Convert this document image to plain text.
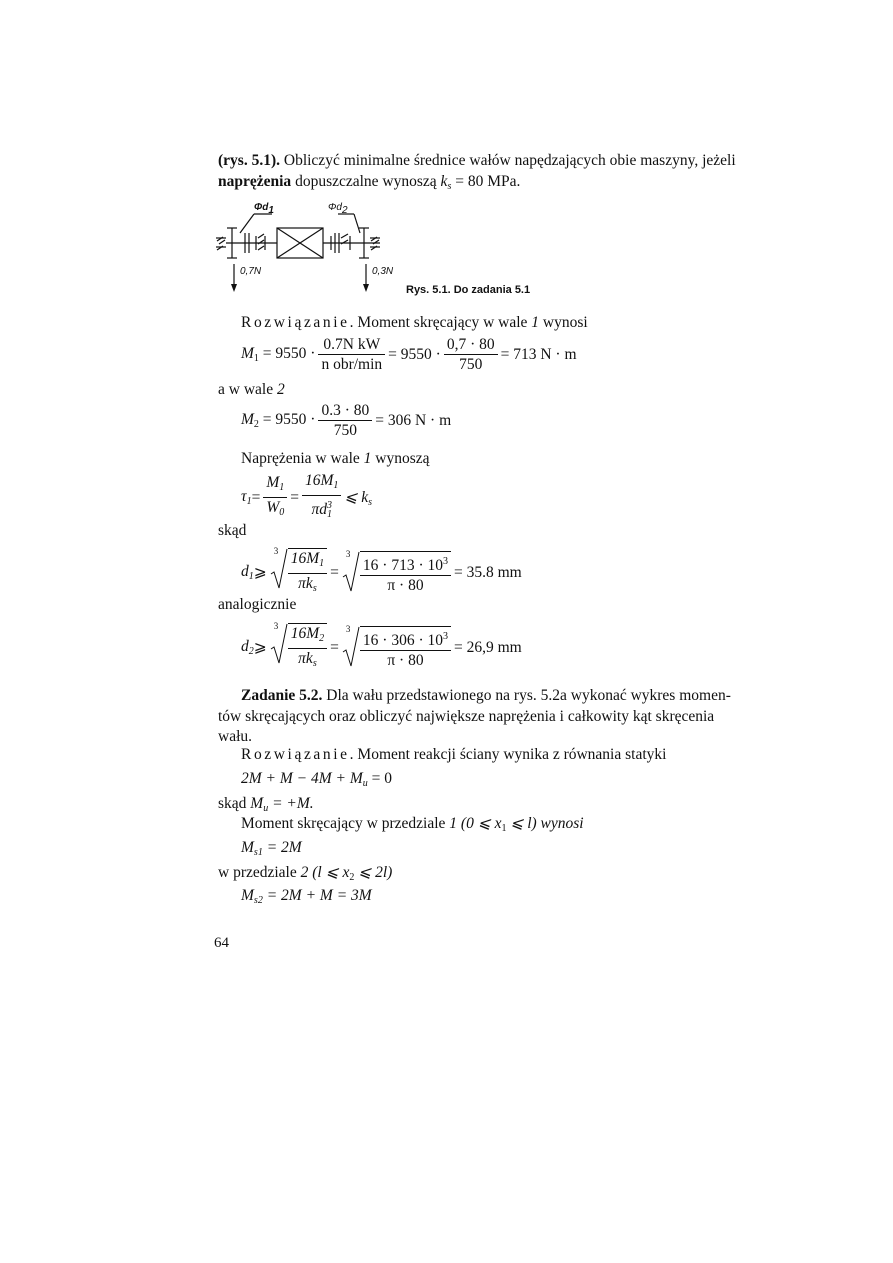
(rys. 5.1). Obliczyć minimalne średnice wałów napędzających obie maszyny, jeżeli
naprężenia dopuszczalne wynoszą $k_s = 80$ MPa.
Φd1	Φd2
0,7N	0,3N
Rys. 5.1. Do zadania 5.1
Rozwiązanie. Moment skręcający w wale 1 wynosi
$M_1 = 9550 \cdot \frac{\text{0.7N kW}}{\text{n obr/min}} = 9550 \cdot \frac{0,7 \cdot 80}{750} = 713$ N · m
a w wale 2
$M_2 = 9550 \cdot \frac{0.3 \cdot 80}{750} = 306$ N · m
Naprężenia w wale 1 wynoszą
$\tau_1= \frac{M_1}{W_0} = \frac{16M_1}{\pi d^3_1}$ ⩽ $k_s$
skąd
$d_1⩾$
$3 \frac{16M_1}{\pi k_s}$ =
$3 \frac{16 \cdot 713 \cdot 10^3}{\pi \cdot 80} = 35.8$ mm
analogicznie
$d_2⩾$
$3 \frac{16M_2}{\pi k_s}$ =
$3 \frac{16 \cdot 306 \cdot 10^3}{\pi \cdot 80} = 26,9$ mm
Zadanie 5.2. Dla wału przedstawionego na rys. 5.2a wykonać wykres momen-
tów skręcających oraz obliczyć największe naprężenia i całkowity kąt skręcenia
wału.
Rozwiązanie. Moment reakcji ściany wynika z równania statyki
$2M + M - 4M + M_u = 0$
skąd $M_u = +M$.
Moment skręcający w przedziale 1 (0 ⩽ $x_1$ ⩽ l) wynosi
$M_{s1} = 2M$
w przedziale 2 (l ⩽ $x_2$ ⩽ 2l)
$M_{s2} = 2M + M = 3M$
64
